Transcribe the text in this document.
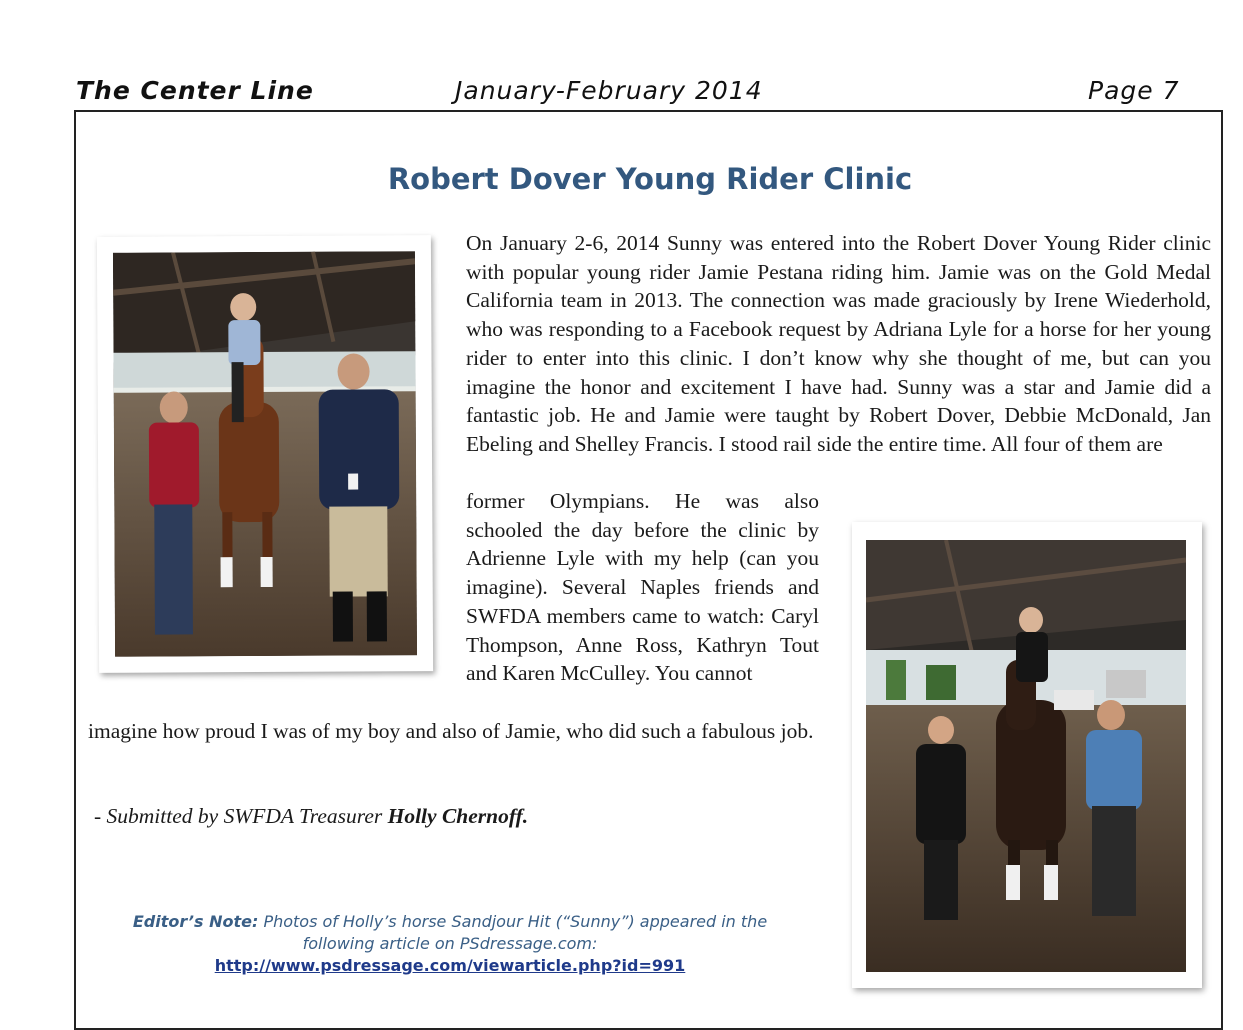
The Center Line	January-February 2014	Page 7
Robert Dover Young Rider Clinic
On January 2-6, 2014 Sunny was entered into the Robert Dover Young Rider clinic with popular young rider Jamie Pestana riding him. Jamie was on the Gold Medal California team in 2013. The connection was made graciously by Irene Wiederhold, who was responding to a Facebook request by Adriana Lyle for a horse for her young rider to enter into this clinic. I don’t know why she thought of me, but can you imagine the honor and excitement I have had. Sunny was a star and Jamie did a fantastic job. He and Jamie were taught by Robert Dover, Debbie McDonald, Jan Ebeling and Shelley Francis. I stood rail side the entire time. All four of them are
former Olympians. He was also schooled the day before the clinic by Adrienne Lyle with my help (can you imagine). Several Naples friends and SWFDA members came to watch: Caryl Thompson, Anne Ross, Kathryn Tout and Karen McCulley. You cannot
imagine how proud I was of my boy and also of Jamie, who did such a fabulous job.
- Submitted by SWFDA Treasurer Holly Chernoff.
Editor’s Note: Photos of Holly’s horse Sandjour Hit (“Sunny”) appeared in the following article on PSdressage.com:
http://www.psdressage.com/viewarticle.php?id=991
